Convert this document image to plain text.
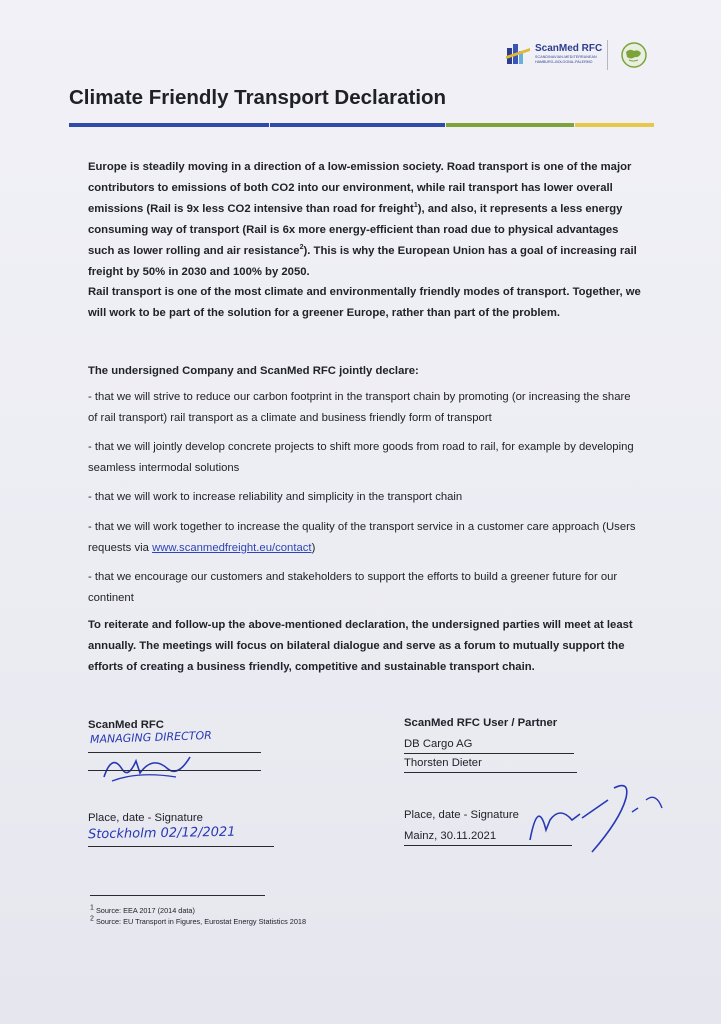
ScanMed RFC
SCANDINAVIAN-MEDITERRANEAN
HAMBURG–BOLOGNA–PALERMO
Climate Friendly Transport Declaration

Europe is steadily moving in a direction of a low-emission society. Road transport is one of the major contributors to emissions of both CO2 into our environment, while rail transport has lower overall emissions (Rail is 9x less CO2 intensive than road for freight$^1$), and also, it represents a less energy consuming way of transport (Rail is 6x more energy-efficient than road due to physical advantages such as lower rolling and air resistance$^2$). This is why the European Union has a goal of increasing rail freight by 50% in 2030 and 100% by 2050.

Rail transport is one of the most climate and environmentally friendly modes of transport. Together, we will work to be part of the solution for a greener Europe, rather than part of the problem.

The undersigned Company and ScanMed RFC jointly declare:

- that we will strive to reduce our carbon footprint in the transport chain by promoting (or increasing the share of rail transport) rail transport as a climate and business friendly form of transport

- that we will jointly develop concrete projects to shift more goods from road to rail, for example by developing seamless intermodal solutions

- that we will work to increase reliability and simplicity in the transport chain

- that we will work together to increase the quality of the transport service in a customer care approach (Users requests via www.scanmedfreight.eu/contact)

- that we encourage our customers and stakeholders to support the efforts to build a greener future for our continent

To reiterate and follow-up the above-mentioned declaration, the undersigned parties will meet at least annually. The meetings will focus on bilateral dialogue and serve as a forum to mutually support the efforts of creating a business friendly, competitive and sustainable transport chain.

ScanMed RFC
MANAGING DIRECTOR
Place, date - Signature
Stockholm 02/12/2021
ScanMed RFC User / Partner
DB Cargo AG
Thorsten Dieter
Place, date - Signature
Mainz, 30.11.2021
$^1$ Source: EEA 2017 (2014 data)
$^2$ Source: EU Transport in Figures, Eurostat Energy Statistics 2018
